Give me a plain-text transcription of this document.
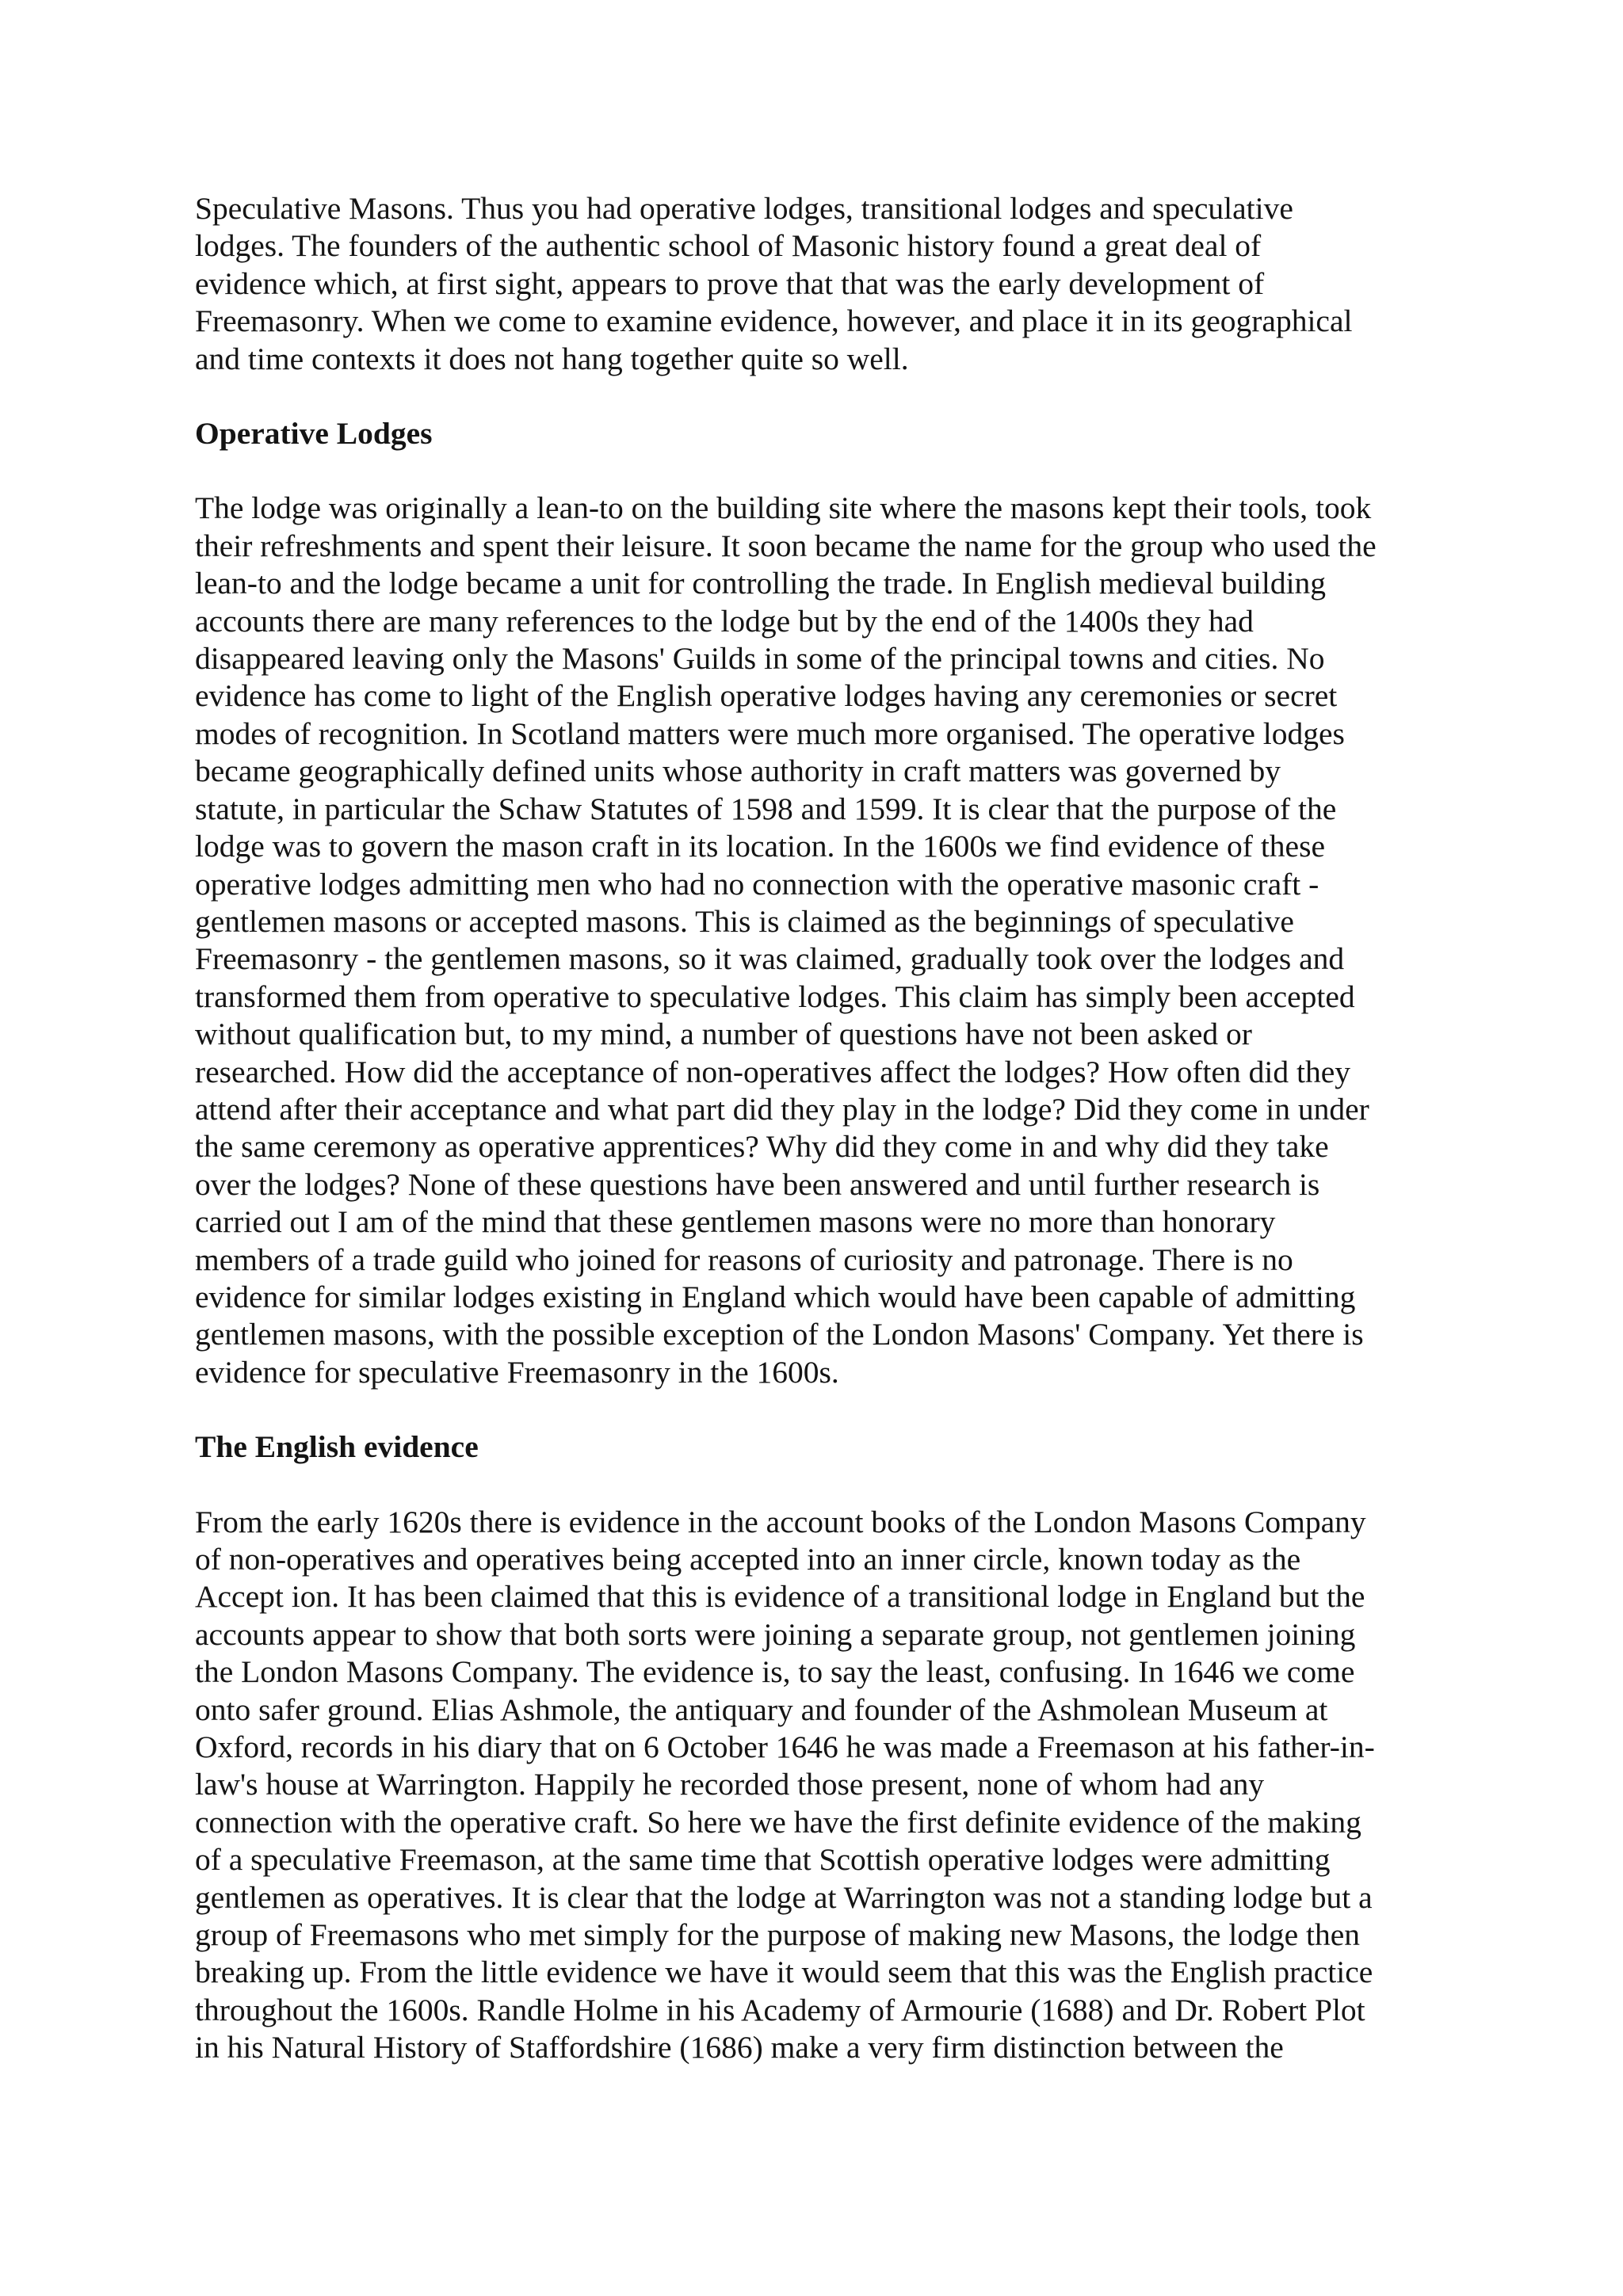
Speculative Masons. Thus you had operative lodges, transitional lodges and speculative
lodges. The founders of the authentic school of Masonic history found a great deal of
evidence which, at first sight, appears to prove that that was the early development of
Freemasonry. When we come to examine evidence, however, and place it in its geographical
and time contexts it does not hang together quite so well.

Operative Lodges

The lodge was originally a lean-to on the building site where the masons kept their tools, took
their refreshments and spent their leisure. It soon became the name for the group who used the
lean-to and the lodge became a unit for controlling the trade. In English medieval building
accounts there are many references to the lodge but by the end of the 1400s they had
disappeared leaving only the Masons' Guilds in some of the principal towns and cities. No
evidence has come to light of the English operative lodges having any ceremonies or secret
modes of recognition. In Scotland matters were much more organised. The operative lodges
became geographically defined units whose authority in craft matters was governed by
statute, in particular the Schaw Statutes of 1598 and 1599. It is clear that the purpose of the
lodge was to govern the mason craft in its location. In the 1600s we find evidence of these
operative lodges admitting men who had no connection with the operative masonic craft -
gentlemen masons or accepted masons. This is claimed as the beginnings of speculative
Freemasonry - the gentlemen masons, so it was claimed, gradually took over the lodges and
transformed them from operative to speculative lodges. This claim has simply been accepted
without qualification but, to my mind, a number of questions have not been asked or
researched. How did the acceptance of non-operatives affect the lodges? How often did they
attend after their acceptance and what part did they play in the lodge? Did they come in under
the same ceremony as operative apprentices? Why did they come in and why did they take
over the lodges? None of these questions have been answered and until further research is
carried out I am of the mind that these gentlemen masons were no more than honorary
members of a trade guild who joined for reasons of curiosity and patronage. There is no
evidence for similar lodges existing in England which would have been capable of admitting
gentlemen masons, with the possible exception of the London Masons' Company. Yet there is
evidence for speculative Freemasonry in the 1600s.

The English evidence

From the early 1620s there is evidence in the account books of the London Masons Company
of non-operatives and operatives being accepted into an inner circle, known today as the
Accept ion. It has been claimed that this is evidence of a transitional lodge in England but the
accounts appear to show that both sorts were joining a separate group, not gentlemen joining
the London Masons Company. The evidence is, to say the least, confusing. In 1646 we come
onto safer ground. Elias Ashmole, the antiquary and founder of the Ashmolean Museum at
Oxford, records in his diary that on 6 October 1646 he was made a Freemason at his father-in-
law's house at Warrington. Happily he recorded those present, none of whom had any
connection with the operative craft. So here we have the first definite evidence of the making
of a speculative Freemason, at the same time that Scottish operative lodges were admitting
gentlemen as operatives. It is clear that the lodge at Warrington was not a standing lodge but a
group of Freemasons who met simply for the purpose of making new Masons, the lodge then
breaking up. From the little evidence we have it would seem that this was the English practice
throughout the 1600s. Randle Holme in his Academy of Armourie (1688) and Dr. Robert Plot
in his Natural History of Staffordshire (1686) make a very firm distinction between the
